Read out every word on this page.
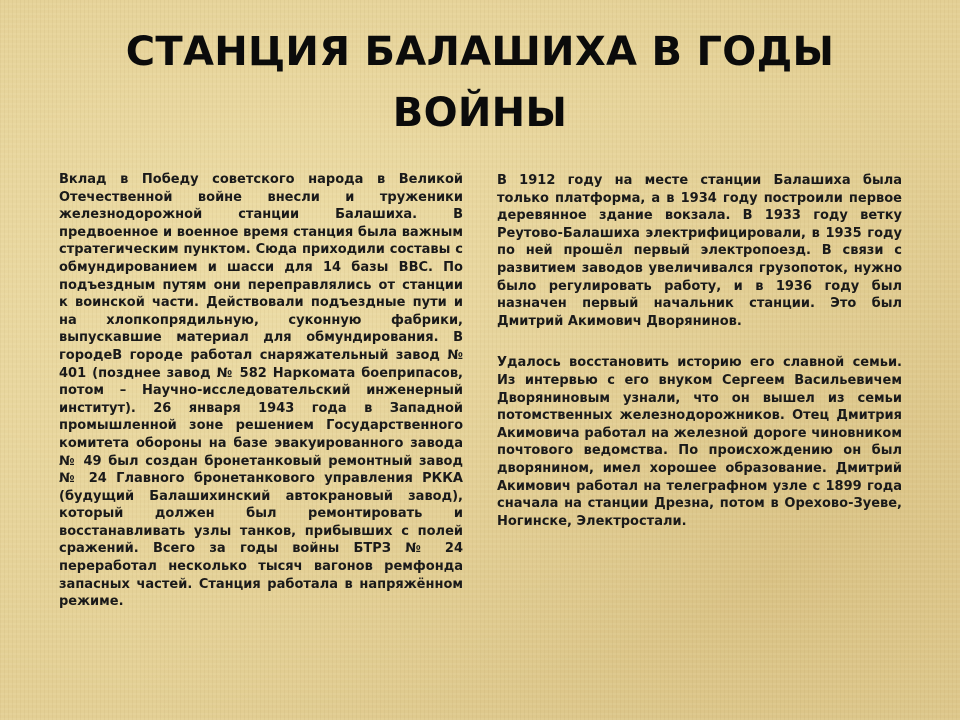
СТАНЦИЯ БАЛАШИХА В ГОДЫ ВОЙНЫ

Вклад в Победу советского народа в Великой Отечественной войне внесли и труженики железнодорожной станции Балашиха. В предвоенное и военное время станция была важным стратегическим пунктом. Сюда приходили составы с обмундированием и шасси для 14 базы ВВС. По подъездным путям они переправлялись от станции к воинской части. Действовали подъездные пути и на хлопкопрядильную, суконную фабрики, выпускавшие материал для обмундирования. В городеВ городе работал снаряжательный завод № 401 (позднее завод № 582 Наркомата боеприпасов, потом – Научно-исследовательский инженерный институт). 26 января 1943 года в Западной промышленной зоне решением Государственного комитета обороны на базе эвакуированного завода № 49 был создан бронетанковый ремонтный завод № 24 Главного бронетанкового управления РККА (будущий Балашихинский автокрановый завод), который должен был ремонтировать и восстанавливать узлы танков, прибывших с полей сражений. Всего за годы войны БТРЗ № 24 переработал несколько тысяч вагонов ремфонда запасных частей. Станция работала в напряжённом режиме.

В 1912 году на месте станции Балашиха была только платформа, а в 1934 году построили первое деревянное здание вокзала. В 1933 году ветку Реутово-Балашиха электрифицировали, в 1935 году по ней прошёл первый электропоезд. В связи с развитием заводов увеличивался грузопоток, нужно было регулировать работу, и в 1936 году был назначен первый начальник станции. Это был Дмитрий Акимович Дворянинов.

Удалось восстановить историю его славной семьи. Из интервью с его внуком Сергеем Васильевичем Дворяниновым узнали, что он вышел из семьи потомственных железнодорожников. Отец Дмитрия Акимовича работал на железной дороге чиновником почтового ведомства. По происхождению он был дворянином, имел хорошее образование. Дмитрий Акимович работал на телеграфном узле с 1899 года сначала на станции Дрезна, потом в Орехово-Зуеве, Ногинске, Электростали.
